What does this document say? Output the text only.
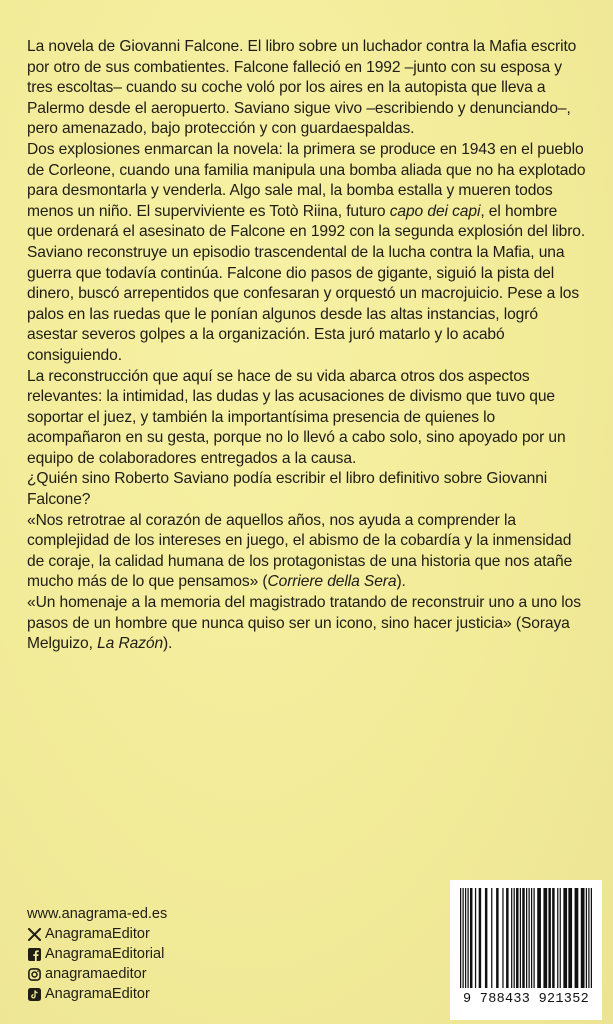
La novela de Giovanni Falcone. El libro sobre un luchador contra la Mafia escrito por otro de sus combatientes. Falcone falleció en 1992 –junto con su esposa y tres escoltas– cuando su coche voló por los aires en la autopista que lleva a Palermo desde el aeropuerto. Saviano sigue vivo –escribiendo y denunciando–, pero amenazado, bajo protección y con guardaespaldas.

Dos explosiones enmarcan la novela: la primera se produce en 1943 en el pueblo de Corleone, cuando una familia manipula una bomba aliada que no ha explotado para desmontarla y venderla. Algo sale mal, la bomba estalla y mueren todos menos un niño. El superviviente es Totò Riina, futuro capo dei capi, el hombre que ordenará el asesinato de Falcone en 1992 con la segunda explosión del libro.

Saviano reconstruye un episodio trascendental de la lucha contra la Mafia, una guerra que todavía continúa. Falcone dio pasos de gigante, siguió la pista del dinero, buscó arrepentidos que confesaran y orquestó un macrojuicio. Pese a los palos en las ruedas que le ponían algunos desde las altas instancias, logró asestar severos golpes a la organización. Esta juró matarlo y lo acabó consiguiendo.

La reconstrucción que aquí se hace de su vida abarca otros dos aspectos relevantes: la intimidad, las dudas y las acusaciones de divismo que tuvo que soportar el juez, y también la importantísima presencia de quienes lo acompañaron en su gesta, porque no lo llevó a cabo solo, sino apoyado por un equipo de colaboradores entregados a la causa.

¿Quién sino Roberto Saviano podía escribir el libro definitivo sobre Giovanni Falcone?

«Nos retrotrae al corazón de aquellos años, nos ayuda a comprender la complejidad de los intereses en juego, el abismo de la cobardía y la inmensidad de coraje, la calidad humana de los protagonistas de una historia que nos atañe mucho más de lo que pensamos» (Corriere della Sera).

«Un homenaje a la memoria del magistrado tratando de reconstruir uno a uno los pasos de un hombre que nunca quiso ser un icono, sino hacer justicia» (Soraya Melguizo, La Razón).

www.anagrama-ed.es
AnagramaEditor
AnagramaEditorial
anagramaeditor
AnagramaEditor	9 788433 921352
